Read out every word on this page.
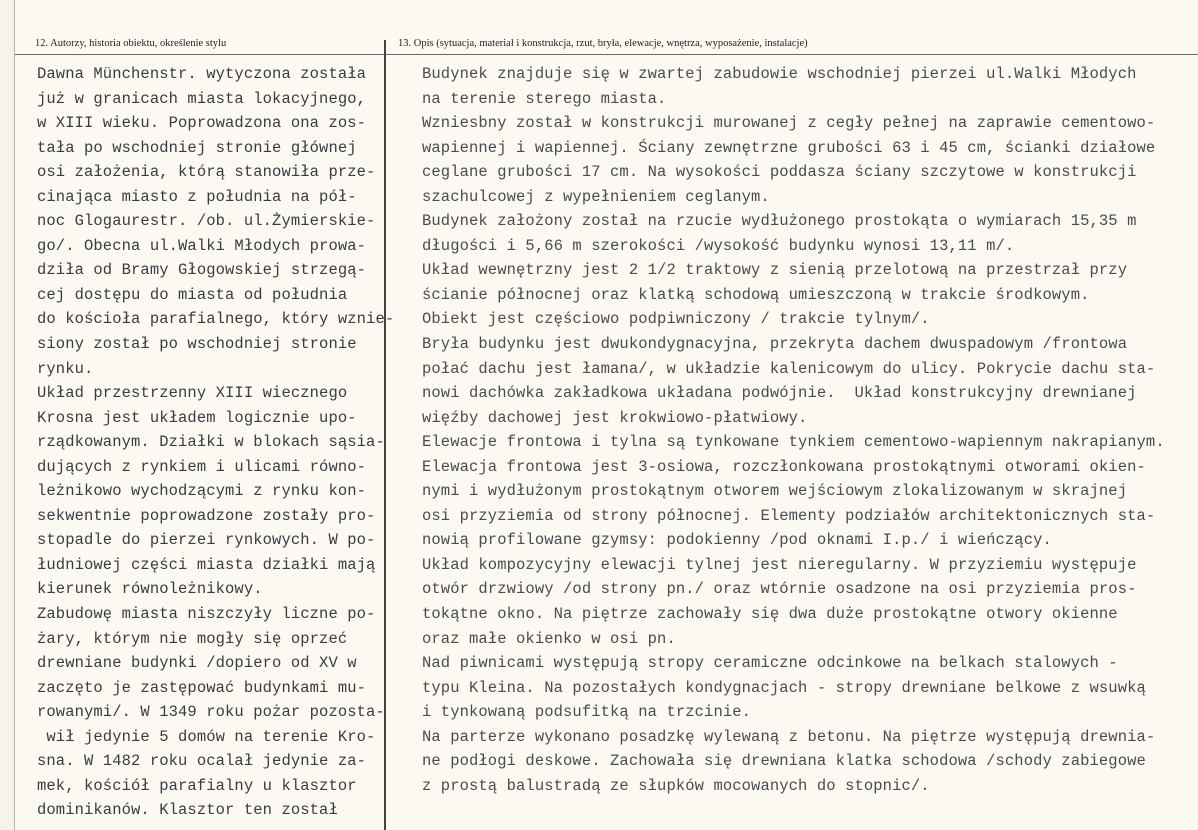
12. Autorzy, historia obiektu, określenie stylu	13. Opis (sytuacja, materiał i konstrukcja, rzut, bryła, elewacje, wnętrza, wyposażenie, instalacje)
Dawna Münchenstr. wytyczona została
już w granicach miasta lokacyjnego,
w XIII wieku. Poprowadzona ona zos-
tała po wschodniej stronie głównej
osi założenia, którą stanowiła prze-
cinająca miasto z południa na pół-
noc Glogaurestr. /ob. ul.Żymierskie-
go/. Obecna ul.Walki Młodych prowa-
dziła od Bramy Głogowskiej strzegą-
cej dostępu do miasta od południa
do kościoła parafialnego, który wznie-
siony został po wschodniej stronie
rynku.
Układ przestrzenny XIII wiecznego
Krosna jest układem logicznie upo-
rządkowanym. Działki w blokach sąsia-
dujących z rynkiem i ulicami równo-
leżnikowo wychodzącymi z rynku kon-
sekwentnie poprowadzone zostały pro-
stopadle do pierzei rynkowych. W po-
łudniowej części miasta działki mają
kierunek równoleżnikowy.
Zabudowę miasta niszczyły liczne po-
żary, którym nie mogły się oprzeć
drewniane budynki /dopiero od XV w
zaczęto je zastępować budynkami mu-
rowanymi/. W 1349 roku pożar pozosta-
wił jedynie 5 domów na terenie Kro-
sna. W 1482 roku ocalał jedynie za-
mek, kościół parafialny u klasztor
dominikanów. Klasztor ten został
Budynek znajduje się w zwartej zabudowie wschodniej pierzei ul.Walki Młodych
na terenie sterego miasta.
Wzniesbny został w konstrukcji murowanej z cegły pełnej na zaprawie cementowo-
wapiennej i wapiennej. Ściany zewnętrzne grubości 63 i 45 cm, ścianki działowe
ceglane grubości 17 cm. Na wysokości poddasza ściany szczytowe w konstrukcji
szachulcowej z wypełnieniem ceglanym.
Budynek założony został na rzucie wydłużonego prostokąta o wymiarach 15,35 m
długości i 5,66 m szerokości /wysokość budynku wynosi 13,11 m/.
Układ wewnętrzny jest 2 1/2 traktowy z sienią przelotową na przestrzał przy
ścianie północnej oraz klatką schodową umieszczoną w trakcie środkowym.
Obiekt jest częściowo podpiwniczony / trakcie tylnym/.
Bryła budynku jest dwukondygnacyjna, przekryta dachem dwuspadowym /frontowa
połać dachu jest łamana/, w układzie kalenicowym do ulicy. Pokrycie dachu sta-
nowi dachówka zakładkowa układana podwójnie.  Układ konstrukcyjny drewnianej
więźby dachowej jest krokwiowo-płatwiowy.
Elewacje frontowa i tylna są tynkowane tynkiem cementowo-wapiennym nakrapianym.
Elewacja frontowa jest 3-osiowa, rozczłonkowana prostokątnymi otworami okien-
nymi i wydłużonym prostokątnym otworem wejściowym zlokalizowanym w skrajnej
osi przyziemia od strony północnej. Elementy podziałów architektonicznych sta-
nowią profilowane gzymsy: podokienny /pod oknami I.p./ i wieńczący.
Układ kompozycyjny elewacji tylnej jest nieregularny. W przyziemiu występuje
otwór drzwiowy /od strony pn./ oraz wtórnie osadzone na osi przyziemia pros-
tokątne okno. Na piętrze zachowały się dwa duże prostokątne otwory okienne
oraz małe okienko w osi pn.
Nad piwnicami występują stropy ceramiczne odcinkowe na belkach stalowych -
typu Kleina. Na pozostałych kondygnacjach - stropy drewniane belkowe z wsuwką
i tynkowaną podsufitką na trzcinie.
Na parterze wykonano posadzkę wylewaną z betonu. Na piętrze występują drewnia-
ne podłogi deskowe. Zachowała się drewniana klatka schodowa /schody zabiegowe
z prostą balustradą ze słupków mocowanych do stopnic/.
